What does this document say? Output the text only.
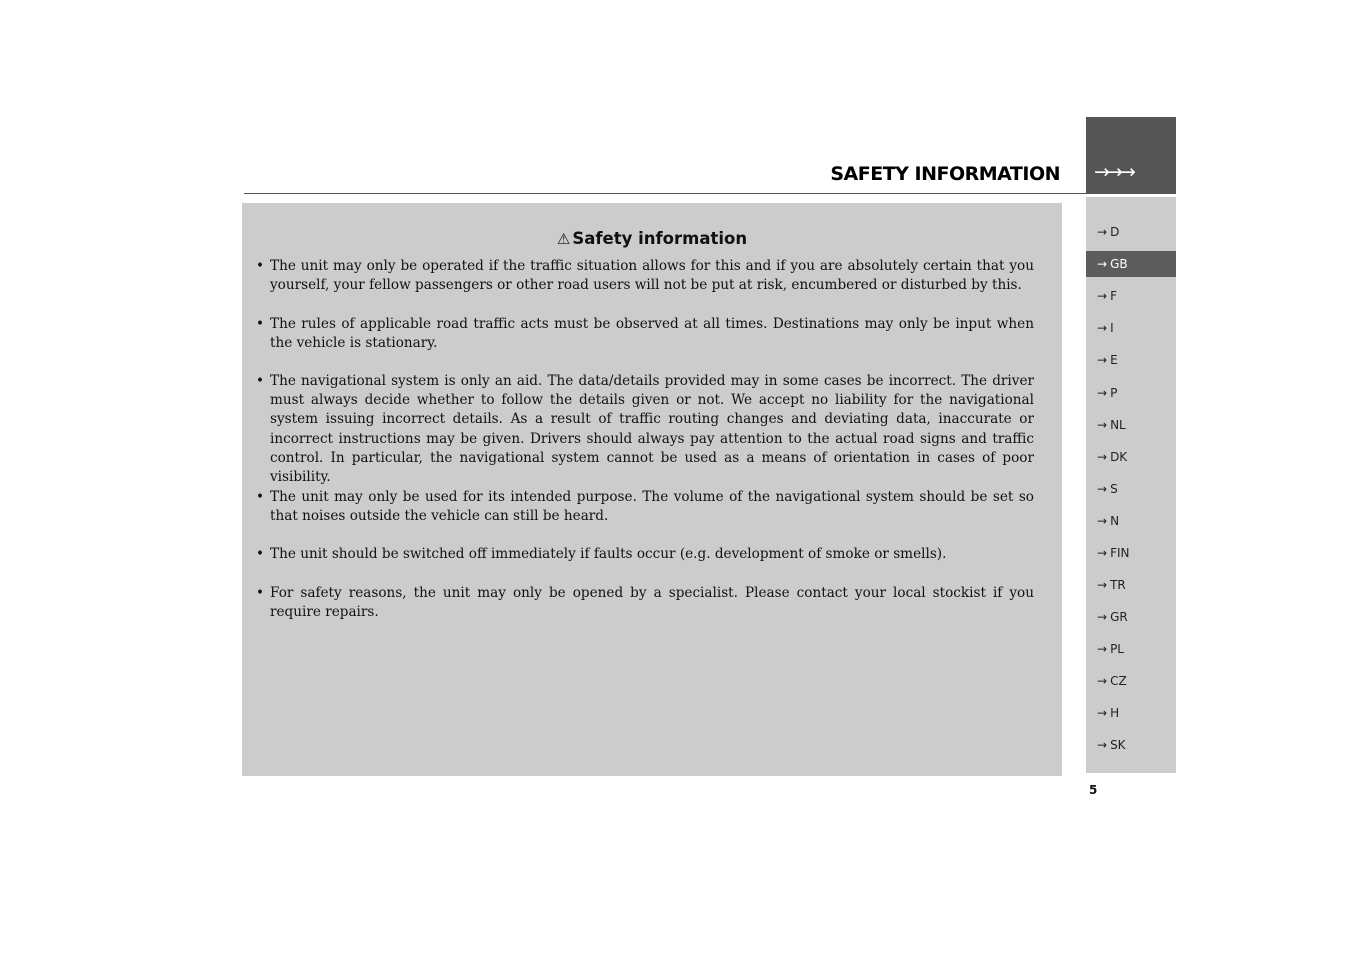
SAFETY INFORMATION →→→
⚠ Safety information
• The unit may only be operated if the traffic situation allows for this and if you are absolutely certain that you yourself, your fellow passengers or other road users will not be put at risk, encumbered or disturbed by this.
• The rules of applicable road traffic acts must be observed at all times. Destinations may only be input when the vehicle is stationary.
• The navigational system is only an aid. The data/details provided may in some cases be incorrect. The driver must always decide whether to follow the details given or not. We accept no liability for the navigational system issuing incorrect details. As a result of traffic routing changes and deviating data, inaccurate or incorrect instructions may be given. Drivers should always pay attention to the actual road signs and traffic control. In particular, the navigational system cannot be used as a means of orientation in cases of poor visibility.
• The unit may only be used for its intended purpose. The volume of the navigational system should be set so that noises outside the vehicle can still be heard.
• The unit should be switched off immediately if faults occur (e.g. development of smoke or smells).
• For safety reasons, the unit may only be opened by a specialist. Please contact your local stockist if you require repairs.
→ D
→ GB
→ F
→ I
→ E
→ P
→ NL
→ DK
→ S
→ N
→ FIN
→ TR
→ GR
→ PL
→ CZ
→ H
→ SK
5
